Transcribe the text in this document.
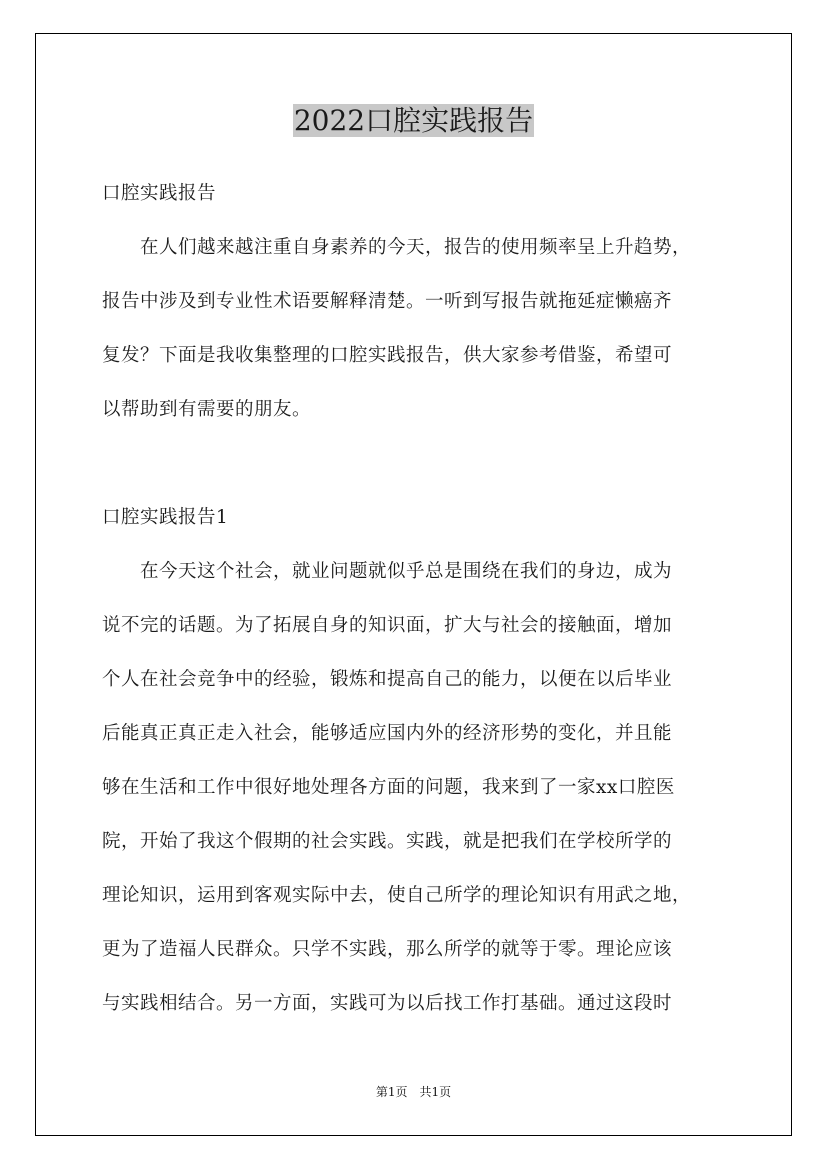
2022口腔实践报告
口腔实践报告
　　在人们越来越注重自身素养的今天，报告的使用频率呈上升趋势，
报告中涉及到专业性术语要解释清楚。一听到写报告就拖延症懒癌齐
复发？下面是我收集整理的口腔实践报告，供大家参考借鉴，希望可
以帮助到有需要的朋友。
口腔实践报告1
　　在今天这个社会，就业问题就似乎总是围绕在我们的身边，成为
说不完的话题。为了拓展自身的知识面，扩大与社会的接触面，增加
个人在社会竞争中的经验，锻炼和提高自己的能力，以便在以后毕业
后能真正真正走入社会，能够适应国内外的经济形势的变化，并且能
够在生活和工作中很好地处理各方面的问题，我来到了一家xx口腔医
院，开始了我这个假期的社会实践。实践，就是把我们在学校所学的
理论知识，运用到客观实际中去，使自己所学的理论知识有用武之地，
更为了造福人民群众。只学不实践，那么所学的就等于零。理论应该
与实践相结合。另一方面，实践可为以后找工作打基础。通过这段时
第1页　共1页
